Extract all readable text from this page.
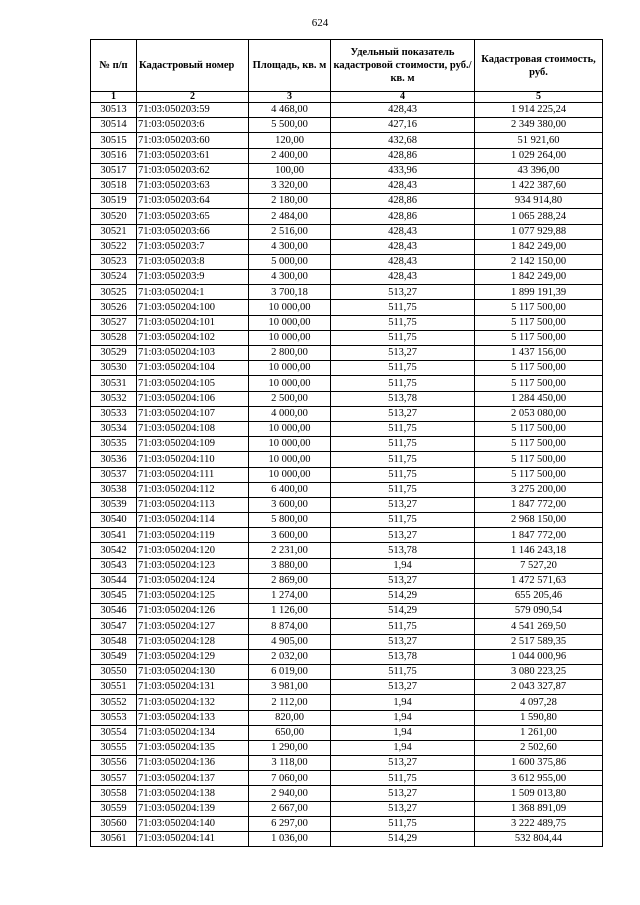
624
№ п/п	Кадастровый номер	Площадь, кв. м	Удельный показатель кадастровой стоимости, руб./кв. м	Кадастровая стоимость, руб.
1	2	3	4	5
30513	71:03:050203:59	4 468,00	428,43	1 914 225,24
30514	71:03:050203:6	5 500,00	427,16	2 349 380,00
30515	71:03:050203:60	120,00	432,68	51 921,60
30516	71:03:050203:61	2 400,00	428,86	1 029 264,00
30517	71:03:050203:62	100,00	433,96	43 396,00
30518	71:03:050203:63	3 320,00	428,43	1 422 387,60
30519	71:03:050203:64	2 180,00	428,86	934 914,80
30520	71:03:050203:65	2 484,00	428,86	1 065 288,24
30521	71:03:050203:66	2 516,00	428,43	1 077 929,88
30522	71:03:050203:7	4 300,00	428,43	1 842 249,00
30523	71:03:050203:8	5 000,00	428,43	2 142 150,00
30524	71:03:050203:9	4 300,00	428,43	1 842 249,00
30525	71:03:050204:1	3 700,18	513,27	1 899 191,39
30526	71:03:050204:100	10 000,00	511,75	5 117 500,00
30527	71:03:050204:101	10 000,00	511,75	5 117 500,00
30528	71:03:050204:102	10 000,00	511,75	5 117 500,00
30529	71:03:050204:103	2 800,00	513,27	1 437 156,00
30530	71:03:050204:104	10 000,00	511,75	5 117 500,00
30531	71:03:050204:105	10 000,00	511,75	5 117 500,00
30532	71:03:050204:106	2 500,00	513,78	1 284 450,00
30533	71:03:050204:107	4 000,00	513,27	2 053 080,00
30534	71:03:050204:108	10 000,00	511,75	5 117 500,00
30535	71:03:050204:109	10 000,00	511,75	5 117 500,00
30536	71:03:050204:110	10 000,00	511,75	5 117 500,00
30537	71:03:050204:111	10 000,00	511,75	5 117 500,00
30538	71:03:050204:112	6 400,00	511,75	3 275 200,00
30539	71:03:050204:113	3 600,00	513,27	1 847 772,00
30540	71:03:050204:114	5 800,00	511,75	2 968 150,00
30541	71:03:050204:119	3 600,00	513,27	1 847 772,00
30542	71:03:050204:120	2 231,00	513,78	1 146 243,18
30543	71:03:050204:123	3 880,00	1,94	7 527,20
30544	71:03:050204:124	2 869,00	513,27	1 472 571,63
30545	71:03:050204:125	1 274,00	514,29	655 205,46
30546	71:03:050204:126	1 126,00	514,29	579 090,54
30547	71:03:050204:127	8 874,00	511,75	4 541 269,50
30548	71:03:050204:128	4 905,00	513,27	2 517 589,35
30549	71:03:050204:129	2 032,00	513,78	1 044 000,96
30550	71:03:050204:130	6 019,00	511,75	3 080 223,25
30551	71:03:050204:131	3 981,00	513,27	2 043 327,87
30552	71:03:050204:132	2 112,00	1,94	4 097,28
30553	71:03:050204:133	820,00	1,94	1 590,80
30554	71:03:050204:134	650,00	1,94	1 261,00
30555	71:03:050204:135	1 290,00	1,94	2 502,60
30556	71:03:050204:136	3 118,00	513,27	1 600 375,86
30557	71:03:050204:137	7 060,00	511,75	3 612 955,00
30558	71:03:050204:138	2 940,00	513,27	1 509 013,80
30559	71:03:050204:139	2 667,00	513,27	1 368 891,09
30560	71:03:050204:140	6 297,00	511,75	3 222 489,75
30561	71:03:050204:141	1 036,00	514,29	532 804,44
